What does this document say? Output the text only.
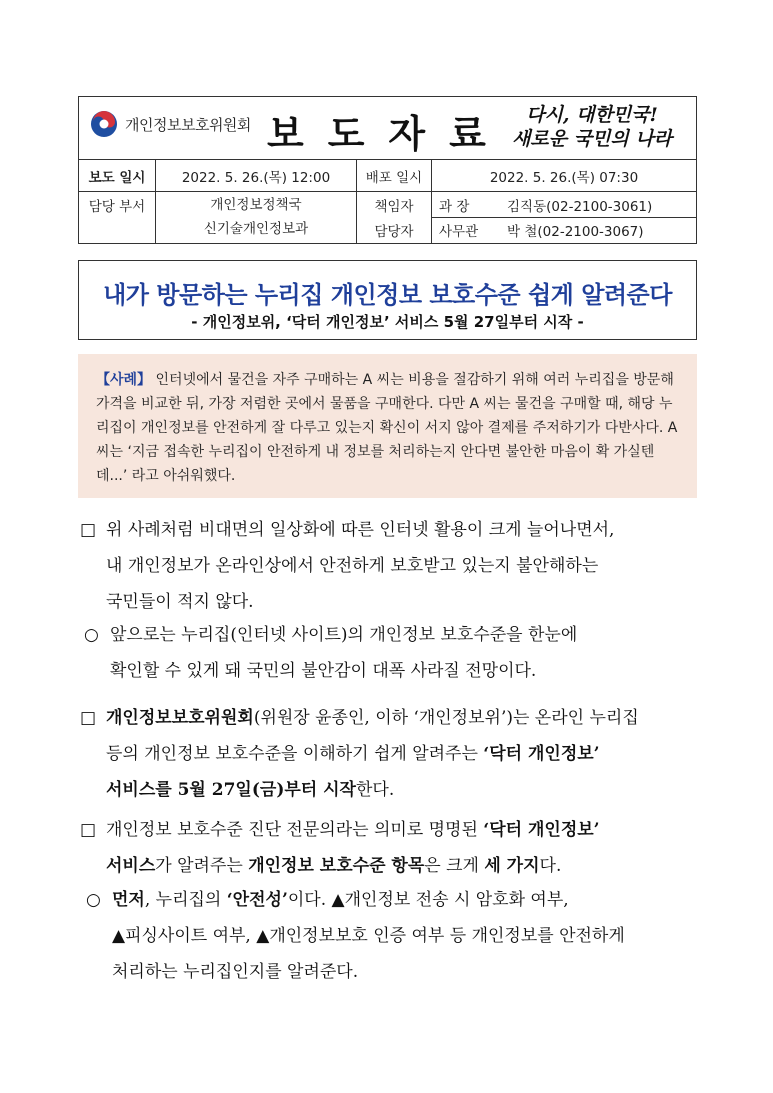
개인정보보호위원회 보도자료 다시, 대한민국!
새로운 국민의 나라
보도 일시	2022. 5. 26.(목) 12:00	배포 일시	2022. 5. 26.(목) 07:30
담당 부서	개인정보정책국
신기술개인정보과
책임자	과 장	김직동(02-2100-3061)
담당자	사무관	박 철(02-2100-3067)
내가 방문하는 누리집 개인정보 보호수준 쉽게 알려준다
- 개인정보위, ‘닥터 개인정보’ 서비스 5월 27일부터 시작 -
【사례】 인터넷에서 물건을 자주 구매하는 A 씨는 비용을 절감하기 위해 여러 누리집을 방문해 가격을 비교한 뒤, 가장 저렴한 곳에서 물품을 구매한다. 다만 A 씨는 물건을 구매할 때, 해당 누리집이 개인정보를 안전하게 잘 다루고 있는지 확신이 서지 않아 결제를 주저하기가 다반사다. A 씨는 ‘지금 접속한 누리집이 안전하게 내 정보를 처리하는지 안다면 불안한 마음이 확 가실텐데...’ 라고 아쉬워했다.
□ 위 사례처럼 비대면의 일상화에 따른 인터넷 활용이 크게 늘어나면서,
내 개인정보가 온라인상에서 안전하게 보호받고 있는지 불안해하는
국민들이 적지 않다.
○ 앞으로는 누리집(인터넷 사이트)의 개인정보 보호수준을 한눈에
확인할 수 있게 돼 국민의 불안감이 대폭 사라질 전망이다.
□ 개인정보보호위원회(위원장 윤종인, 이하 ‘개인정보위’)는 온라인 누리집
등의 개인정보 보호수준을 이해하기 쉽게 알려주는 ‘닥터 개인정보’
서비스를 5월 27일(금)부터 시작한다.
□ 개인정보 보호수준 진단 전문의라는 의미로 명명된 ‘닥터 개인정보’
서비스가 알려주는 개인정보 보호수준 항목은 크게 세 가지다.
○ 먼저, 누리집의 ‘안전성’이다. ▲개인정보 전송 시 암호화 여부,
▲피싱사이트 여부, ▲개인정보보호 인증 여부 등 개인정보를 안전하게
처리하는 누리집인지를 알려준다.
